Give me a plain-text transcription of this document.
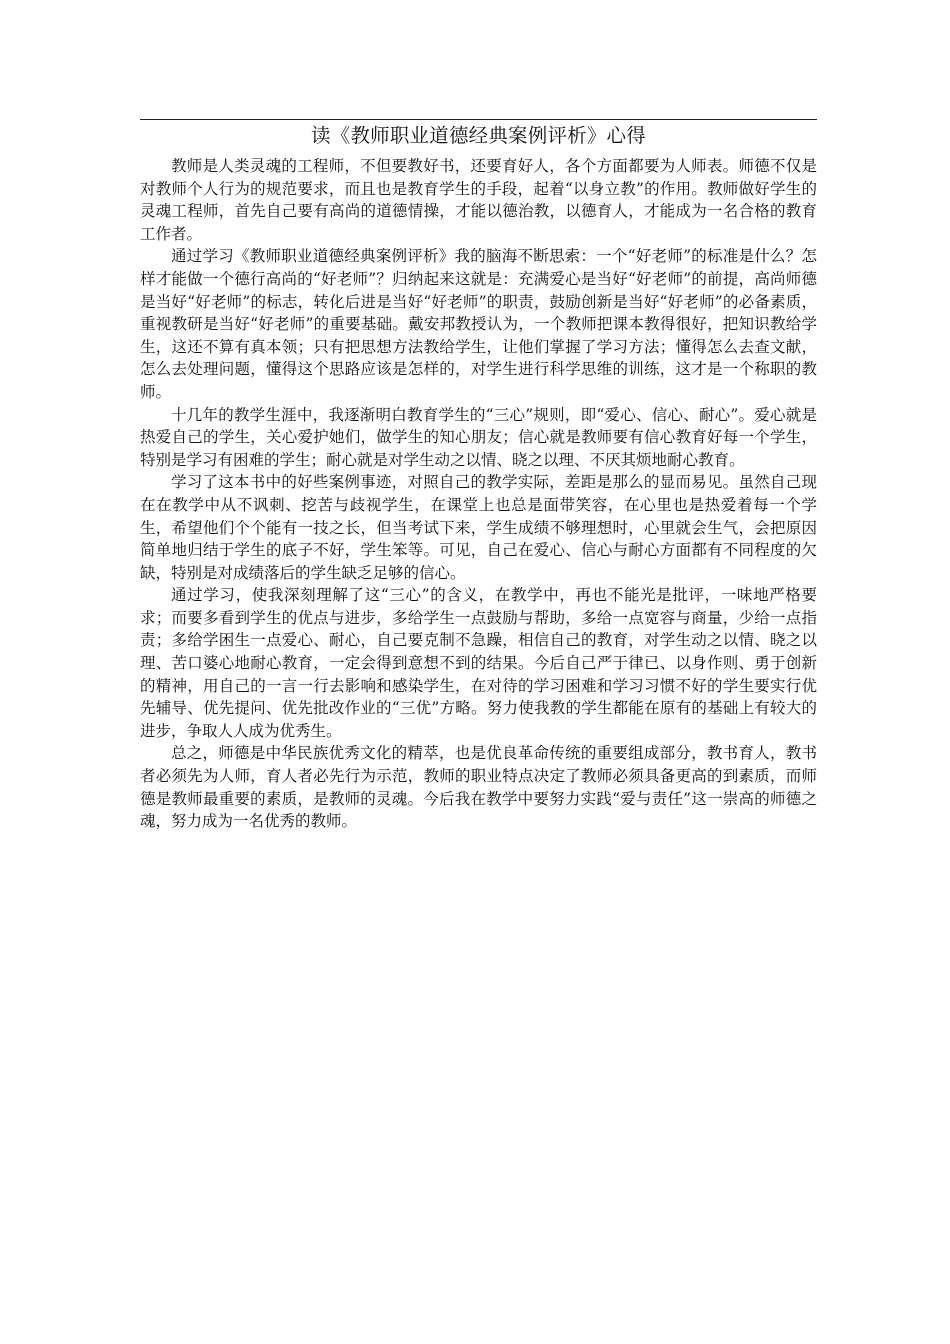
读《教师职业道德经典案例评析》心得

教师是人类灵魂的工程师，不但要教好书，还要育好人，各个方面都要为人师表。师德不仅是对教师个人行为的规范要求，而且也是教育学生的手段，起着“以身立教”的作用。教师做好学生的灵魂工程师，首先自己要有高尚的道德情操，才能以德治教，以德育人，才能成为一名合格的教育工作者。

通过学习《教师职业道德经典案例评析》我的脑海不断思索：一个“好老师”的标准是什么？怎样才能做一个德行高尚的“好老师”？归纳起来这就是：充满爱心是当好“好老师”的前提，高尚师德是当好“好老师”的标志，转化后进是当好“好老师”的职责，鼓励创新是当好“好老师”的必备素质，重视教研是当好“好老师”的重要基础。戴安邦教授认为，一个教师把课本教得很好，把知识教给学生，这还不算有真本领；只有把思想方法教给学生，让他们掌握了学习方法；懂得怎么去查文献，怎么去处理问题，懂得这个思路应该是怎样的，对学生进行科学思维的训练，这才是一个称职的教师。

十几年的教学生涯中，我逐渐明白教育学生的“三心”规则，即“爱心、信心、耐心”。爱心就是热爱自己的学生，关心爱护她们，做学生的知心朋友；信心就是教师要有信心教育好每一个学生，特别是学习有困难的学生；耐心就是对学生动之以情、晓之以理、不厌其烦地耐心教育。

学习了这本书中的好些案例事迹，对照自己的教学实际，差距是那么的显而易见。虽然自己现在在教学中从不讽刺、挖苦与歧视学生，在课堂上也总是面带笑容，在心里也是热爱着每一个学生，希望他们个个能有一技之长，但当考试下来，学生成绩不够理想时，心里就会生气，会把原因简单地归结于学生的底子不好，学生笨等。可见，自己在爱心、信心与耐心方面都有不同程度的欠缺，特别是对成绩落后的学生缺乏足够的信心。

通过学习，使我深刻理解了这“三心”的含义，在教学中，再也不能光是批评，一味地严格要求；而要多看到学生的优点与进步，多给学生一点鼓励与帮助，多给一点宽容与商量，少给一点指责；多给学困生一点爱心、耐心，自己要克制不急躁，相信自己的教育，对学生动之以情、晓之以理、苦口婆心地耐心教育，一定会得到意想不到的结果。今后自己严于律已、以身作则、勇于创新的精神，用自己的一言一行去影响和感染学生，在对待的学习困难和学习习惯不好的学生要实行优先辅导、优先提问、优先批改作业的“三优”方略。努力使我教的学生都能在原有的基础上有较大的进步，争取人人成为优秀生。

总之，师德是中华民族优秀文化的精萃，也是优良革命传统的重要组成部分，教书育人，教书者必须先为人师，育人者必先行为示范，教师的职业特点决定了教师必须具备更高的到素质，而师德是教师最重要的素质，是教师的灵魂。今后我在教学中要努力实践“爱与责任”这一崇高的师德之魂，努力成为一名优秀的教师。
